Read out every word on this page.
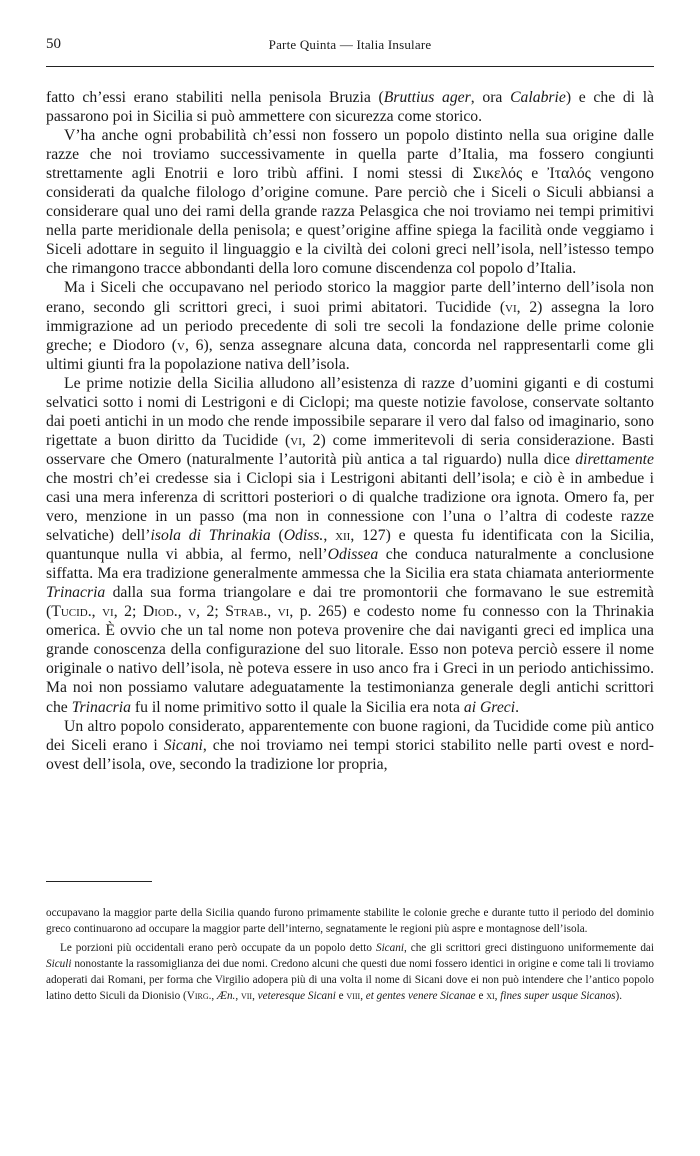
50	Parte Quinta — Italia Insulare

fatto ch’essi erano stabiliti nella penisola Bruzia (Bruttius ager, ora Calabrie) e che di là passarono poi in Sicilia si può ammettere con sicurezza come storico.

V’ha anche ogni probabilità ch’essi non fossero un popolo distinto nella sua origine dalle razze che noi troviamo successivamente in quella parte d’Italia, ma fossero congiunti strettamente agli Enotrii e loro tribù affini. I nomi stessi di Σικελός e Ἰταλός vengono considerati da qualche filologo d’origine comune. Pare perciò che i Siceli o Siculi abbiansi a considerare qual uno dei rami della grande razza Pelasgica che noi troviamo nei tempi primitivi nella parte meridionale della penisola; e quest’origine affine spiega la facilità onde veggiamo i Siceli adottare in seguito il linguaggio e la civiltà dei coloni greci nell’isola, nell’istesso tempo che rimangono tracce abbondanti della loro comune discendenza col popolo d’Italia.

Ma i Siceli che occupavano nel periodo storico la maggior parte dell’interno dell’isola non erano, secondo gli scrittori greci, i suoi primi abitatori. Tucidide (vi, 2) assegna la loro immigrazione ad un periodo precedente di soli tre secoli la fondazione delle prime colonie greche; e Diodoro (v, 6), senza assegnare alcuna data, concorda nel rappresentarli come gli ultimi giunti fra la popolazione nativa dell’isola.

Le prime notizie della Sicilia alludono all’esistenza di razze d’uomini giganti e di costumi selvatici sotto i nomi di Lestrigoni e di Ciclopi; ma queste notizie favolose, conservate soltanto dai poeti antichi in un modo che rende impossibile separare il vero dal falso od imaginario, sono rigettate a buon diritto da Tucidide (vi, 2) come immeritevoli di seria considerazione. Basti osservare che Omero (naturalmente l’autorità più antica a tal riguardo) nulla dice direttamente che mostri ch’ei credesse sia i Ciclopi sia i Lestrigoni abitanti dell’isola; e ciò è in ambedue i casi una mera inferenza di scrittori posteriori o di qualche tradizione ora ignota. Omero fa, per vero, menzione in un passo (ma non in connessione con l’una o l’altra di codeste razze selvatiche) dell’isola di Thrinakia (Odiss., xii, 127) e questa fu identificata con la Sicilia, quantunque nulla vi abbia, al fermo, nell’Odissea che conduca naturalmente a conclusione siffatta. Ma era tradizione generalmente ammessa che la Sicilia era stata chiamata anteriormente Trinacria dalla sua forma triangolare e dai tre promontorii che formavano le sue estremità (Tucid., vi, 2; Diod., v, 2; Strab., vi, p. 265) e codesto nome fu connesso con la Thrinakia omerica. È ovvio che un tal nome non poteva provenire che dai naviganti greci ed implica una grande conoscenza della configurazione del suo litorale. Esso non poteva perciò essere il nome originale o nativo dell’isola, nè poteva essere in uso anco fra i Greci in un periodo antichissimo. Ma noi non possiamo valutare adeguatamente la testimonianza generale degli antichi scrittori che Trinacria fu il nome primitivo sotto il quale la Sicilia era nota ai Greci.

Un altro popolo considerato, apparentemente con buone ragioni, da Tucidide come più antico dei Siceli erano i Sicani, che noi troviamo nei tempi storici stabilito nelle parti ovest e nord-ovest dell’isola, ove, secondo la tradizione lor propria,

occupavano la maggior parte della Sicilia quando furono primamente stabilite le colonie greche e durante tutto il periodo del dominio greco continuarono ad occupare la maggior parte dell’interno, segnatamente le regioni più aspre e montagnose dell’isola.

Le porzioni più occidentali erano però occupate da un popolo detto Sicani, che gli scrittori greci distinguono uniformemente dai Siculi nonostante la rassomiglianza dei due nomi. Credono alcuni che questi due nomi fossero identici in origine e come tali li troviamo adoperati dai Romani, per forma che Virgilio adopera più di una volta il nome di Sicani dove ei non può intendere che l’antico popolo latino detto Siculi da Dionisio (Virg., Æn., vii, veteresque Sicani e viii, et gentes venere Sicanae e xi, fines super usque Sicanos).
